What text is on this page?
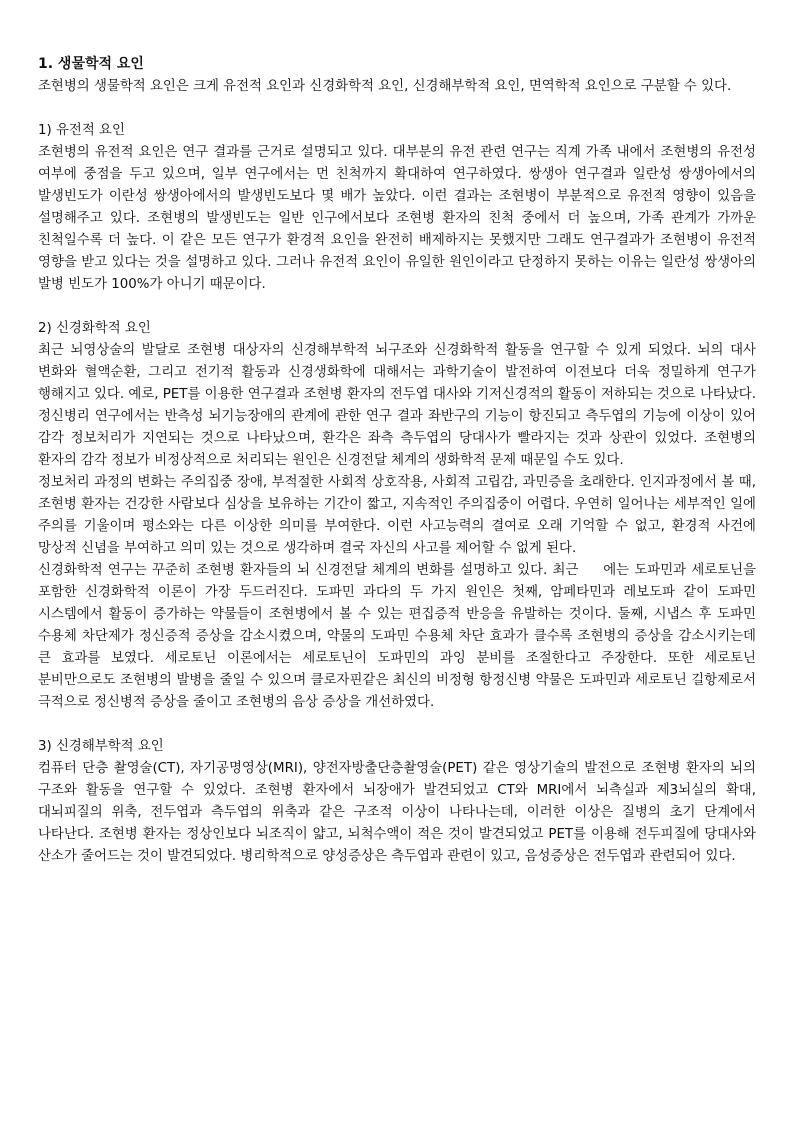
1. 생물학적 요인

조현병의 생물학적 요인은 크게 유전적 요인과 신경화학적 요인, 신경해부학적 요인, 면역학적 요인으로 구분할 수 있다.

1) 유전적 요인

조현병의 유전적 요인은 연구 결과를 근거로 설명되고 있다. 대부분의 유전 관련 연구는 직계 가족 내에서 조현병의 유전성 여부에 중점을 두고 있으며, 일부 연구에서는 먼 친척까지 확대하여 연구하였다. 쌍생아 연구결과 일란성 쌍생아에서의 발생빈도가 이란성 쌍생아에서의 발생빈도보다 몇 배가 높았다. 이런 결과는 조현병이 부분적으로 유전적 영향이 있음을 설명해주고 있다. 조현병의 발생빈도는 일반 인구에서보다 조현병 환자의 친척 중에서 더 높으며, 가족 관계가 가까운 친척일수록 더 높다. 이 같은 모든 연구가 환경적 요인을 완전히 배제하지는 못했지만 그래도 연구결과가 조현병이 유전적 영향을 받고 있다는 것을 설명하고 있다. 그러나 유전적 요인이 유일한 원인이라고 단정하지 못하는 이유는 일란성 쌍생아의 발병 빈도가 100%가 아니기 때문이다.

2) 신경화학적 요인

최근 뇌영상술의 발달로 조현병 대상자의 신경해부학적 뇌구조와 신경화학적 활동을 연구할 수 있게 되었다. 뇌의 대사 변화와 혈액순환, 그리고 전기적 활동과 신경생화학에 대해서는 과학기술이 발전하여 이전보다 더욱 정밀하게 연구가 행해지고 있다. 예로, PET를 이용한 연구결과 조현병 환자의 전두엽 대사와 기저신경적의 활동이 저하되는 것으로 나타났다. 정신병리 연구에서는 반측성 뇌기능장애의 관계에 관한 연구 결과 좌반구의 기능이 항진되고 측두엽의 기능에 이상이 있어 감각 정보처리가 지연되는 것으로 나타났으며, 환각은 좌측 측두엽의 당대사가 빨라지는 것과 상관이 있었다. 조현병의 환자의 감각 정보가 비정상적으로 처리되는 원인은 신경전달 체계의 생화학적 문제 때문일 수도 있다.

정보처리 과정의 변화는 주의집중 장애, 부적절한 사회적 상호작용, 사회적 고립감, 과민증을 초래한다. 인지과정에서 볼 때, 조현병 환자는 건강한 사람보다 심상을 보유하는 기간이 짧고, 지속적인 주의집중이 어렵다. 우연히 일어나는 세부적인 일에 주의를 기울이며 평소와는 다른 이상한 의미를 부여한다. 이런 사고능력의 결여로 오래 기억할 수 없고, 환경적 사건에 망상적 신념을 부여하고 의미 있는 것으로 생각하며 결국 자신의 사고를 제어할 수 없게 된다.

신경화학적 연구는 꾸준히 조현병 환자들의 뇌 신경전달 체계의 변화를 설명하고 있다. 최근 　 에는 도파민과 세로토닌을 포함한 신경화학적 이론이 가장 두드러진다. 도파민 과다의 두 가지 원인은 첫째, 암페타민과 레보도파 같이 도파민 시스템에서 활동이 증가하는 약물들이 조현병에서 볼 수 있는 편집증적 반응을 유발하는 것이다. 둘째, 시냅스 후 도파민 수용체 차단제가 정신증적 증상을 감소시켰으며, 약물의 도파민 수용체 차단 효과가 클수록 조현병의 증상을 감소시키는데 큰 효과를 보였다. 세로토닌 이론에서는 세로토닌이 도파민의 과잉 분비를 조절한다고 주장한다. 또한 세로토닌 분비만으로도 조현병의 발병을 줄일 수 있으며 클로자핀같은 최신의 비정형 항정신병 약물은 도파민과 세로토닌 길항제로서 극적으로 정신병적 증상을 줄이고 조현병의 음상 증상을 개선하였다.

3) 신경해부학적 요인

컴퓨터 단층 촬영술(CT), 자기공명영상(MRI), 양전자방출단층촬영술(PET) 같은 영상기술의 발전으로 조현병 환자의 뇌의 구조와 활동을 연구할 수 있었다. 조현병 환자에서 뇌장애가 발견되었고 CT와 MRI에서 뇌측실과 제3뇌실의 확대, 대뇌피질의 위축, 전두엽과 측두엽의 위축과 같은 구조적 이상이 나타나는데, 이러한 이상은 질병의 초기 단계에서 나타난다. 조현병 환자는 정상인보다 뇌조직이 얇고, 뇌척수액이 적은 것이 발견되었고 PET를 이용해 전두피질에 당대사와 산소가 줄어드는 것이 발견되었다. 병리학적으로 양성증상은 측두엽과 관련이 있고, 음성증상은 전두엽과 관련되어 있다.
